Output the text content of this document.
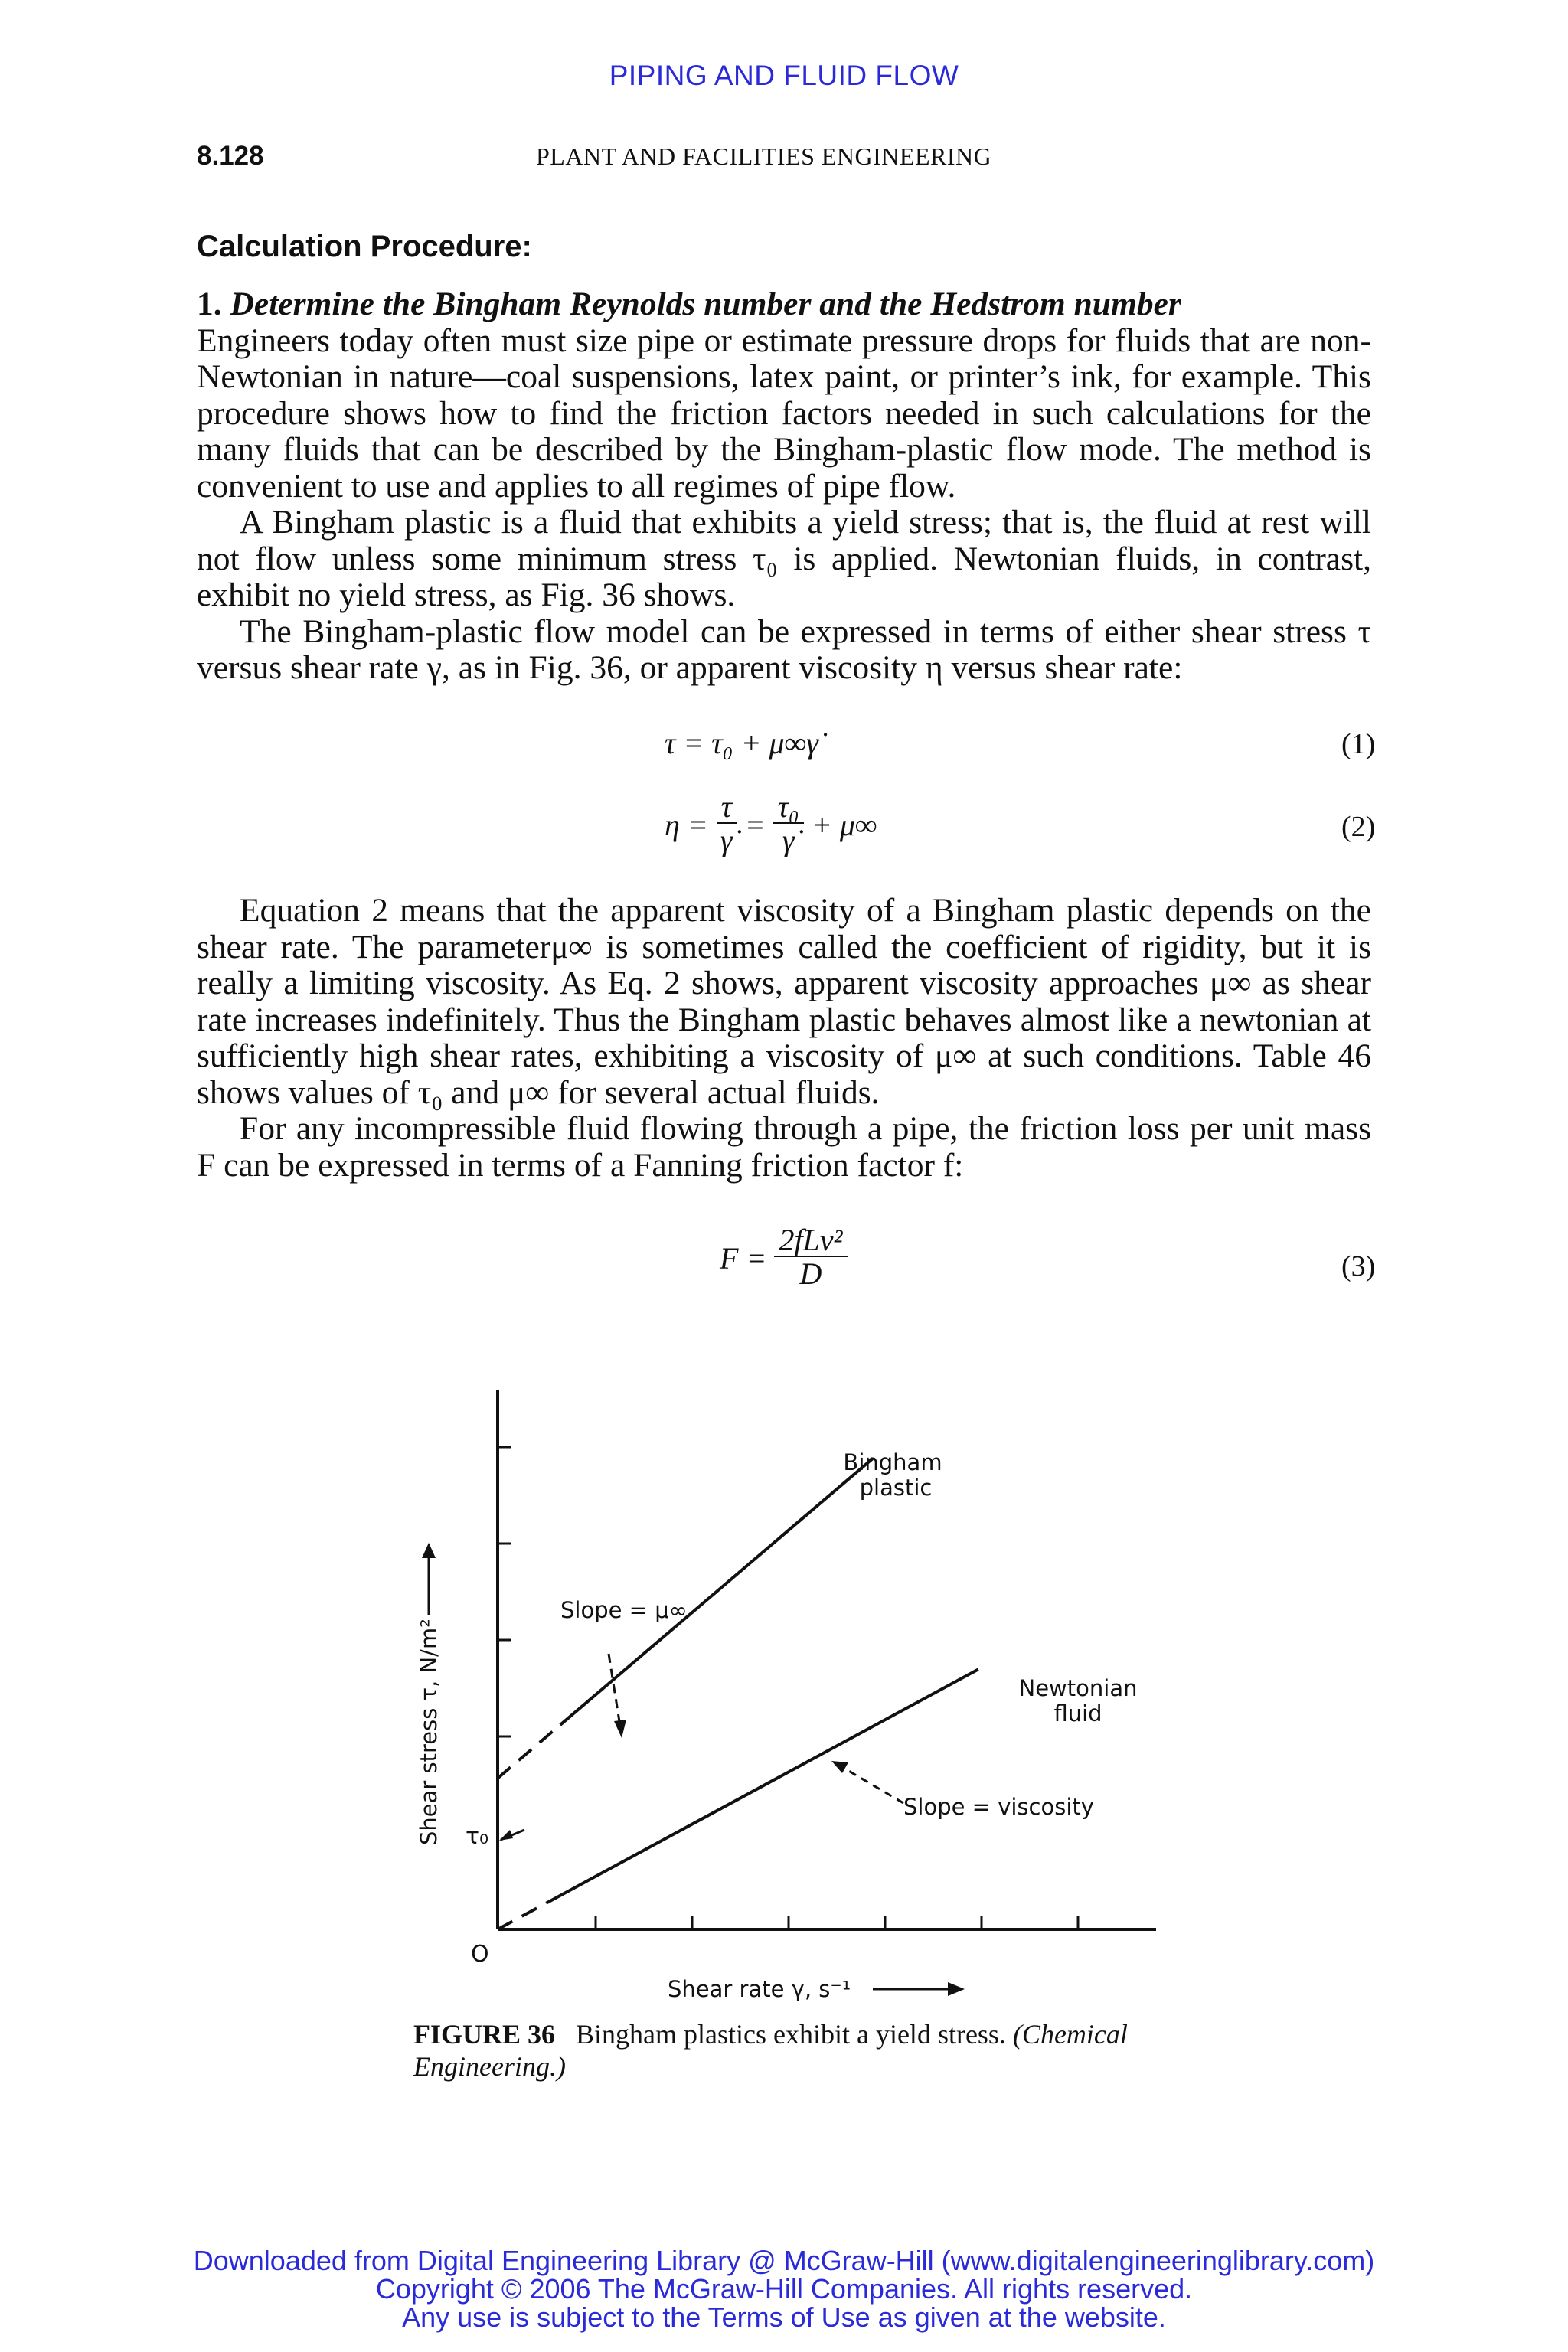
PIPING AND FLUID FLOW
8.128	PLANT AND FACILITIES ENGINEERING
Calculation Procedure:

1. Determine the Bingham Reynolds number and the Hedstrom number

Engineers today often must size pipe or estimate pressure drops for fluids that are non-Newtonian in nature—coal suspensions, latex paint, or printer’s ink, for example. This procedure shows how to find the friction factors needed in such calculations for the many fluids that can be described by the Bingham-plastic flow mode. The method is convenient to use and applies to all regimes of pipe flow.

A Bingham plastic is a fluid that exhibits a yield stress; that is, the fluid at rest will not flow unless some minimum stress τ₀ is applied. Newtonian fluids, in contrast, exhibit no yield stress, as Fig. 36 shows.

The Bingham-plastic flow model can be expressed in terms of either shear stress τ versus shear rate γ, as in Fig. 36, or apparent viscosity η versus shear rate:

τ = τ₀ + μ∞γ̇	(1)
$\eta = \frac{\tau}{\gammȧ} = \frac{\text{τ₀}}{\gammȧ} + \mu\infty$	(2)

Equation 2 means that the apparent viscosity of a Bingham plastic depends on the shear rate. The parameterμ∞ is sometimes called the coefficient of rigidity, but it is really a limiting viscosity. As Eq. 2 shows, apparent viscosity approaches μ∞ as shear rate increases indefinitely. Thus the Bingham plastic behaves almost like a newtonian at sufficiently high shear rates, exhibiting a viscosity of μ∞ at such conditions. Table 46 shows values of τ₀ and μ∞ for several actual fluids.

For any incompressible fluid flowing through a pipe, the friction loss per unit mass F can be expressed in terms of a Fanning friction factor f:

$F = \frac{\text{2fLv²}}{D}$	(3)
Shear stress τ, N/m²
Shear rate γ, s⁻¹
O
τ₀
Bingham
plastic
Newtonian
fluid
Slope = μ∞
Slope = viscosity
FIGURE 36 Bingham plastics exhibit a yield stress. (Chemical Engineering.)
Downloaded from Digital Engineering Library @ McGraw-Hill (www.digitalengineeringlibrary.com)
Copyright © 2006 The McGraw-Hill Companies. All rights reserved.
Any use is subject to the Terms of Use as given at the website.
